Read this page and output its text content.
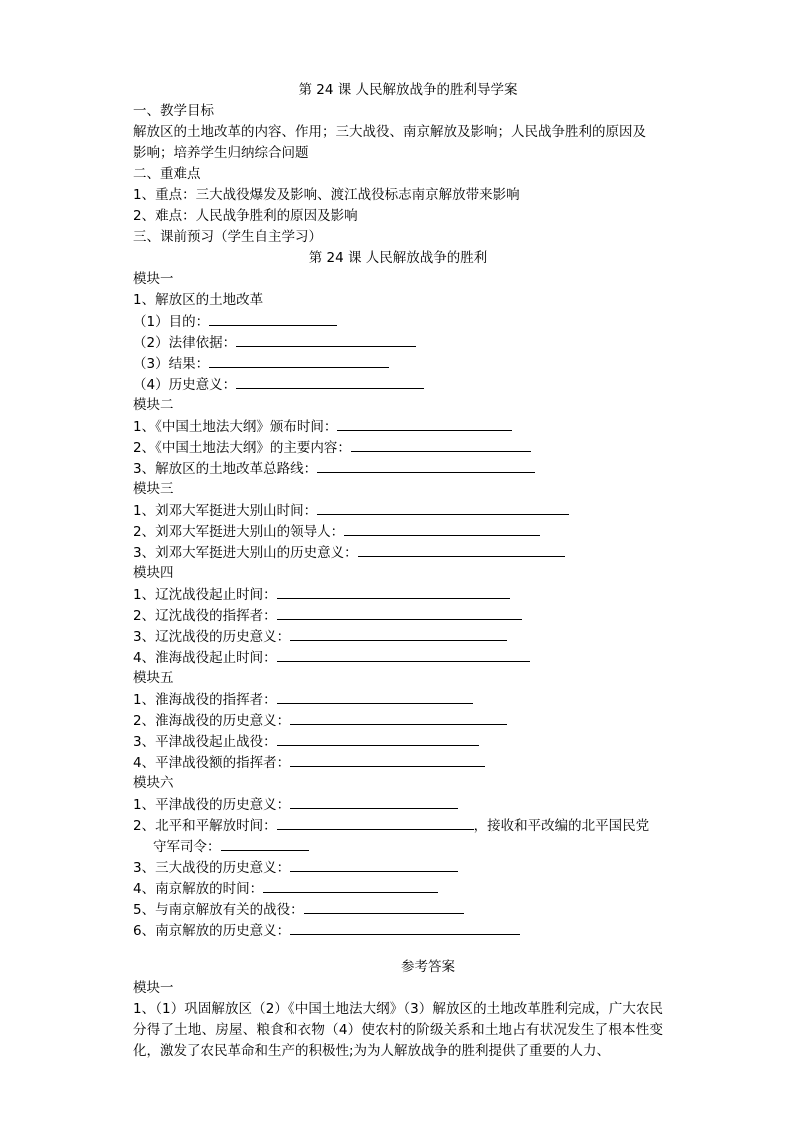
第 24 课 人民解放战争的胜利导学案
一、教学目标
解放区的土地改革的内容、作用；三大战役、南京解放及影响；人民战争胜利的原因及
影响；培养学生归纳综合问题
二、重难点
1、重点：三大战役爆发及影响、渡江战役标志南京解放带来影响
2、难点：人民战争胜利的原因及影响
三、课前预习（学生自主学习）
第 24 课 人民解放战争的胜利
模块一
1、解放区的土地改革
（1）目的：
（2）法律依据：
（3）结果：
（4）历史意义：
模块二
1、《中国土地法大纲》颁布时间：
2、《中国土地法大纲》的主要内容：
3、解放区的土地改革总路线：
模块三
1、刘邓大军挺进大别山时间：
2、刘邓大军挺进大别山的领导人：
3、刘邓大军挺进大别山的历史意义：
模块四
1、辽沈战役起止时间：
2、辽沈战役的指挥者：
3、辽沈战役的历史意义：
4、淮海战役起止时间：
模块五
1、淮海战役的指挥者：
2、淮海战役的历史意义：
3、平津战役起止战役：
4、平津战役额的指挥者：
模块六
1、平津战役的历史意义：
2、北平和平解放时间：	，接收和平改编的北平国民党
守军司令：
3、三大战役的历史意义：
4、南京解放的时间：
5、与南京解放有关的战役：
6、南京解放的历史意义：
参考答案
模块一
1、（1）巩固解放区（2）《中国土地法大纲》（3）解放区的土地改革胜利完成，广大农民分得了土地、房屋、粮食和衣物（4）使农村的阶级关系和土地占有状况发生了根本性变化，激发了农民革命和生产的积极性;为为人解放战争的胜利提供了重要的人力、
